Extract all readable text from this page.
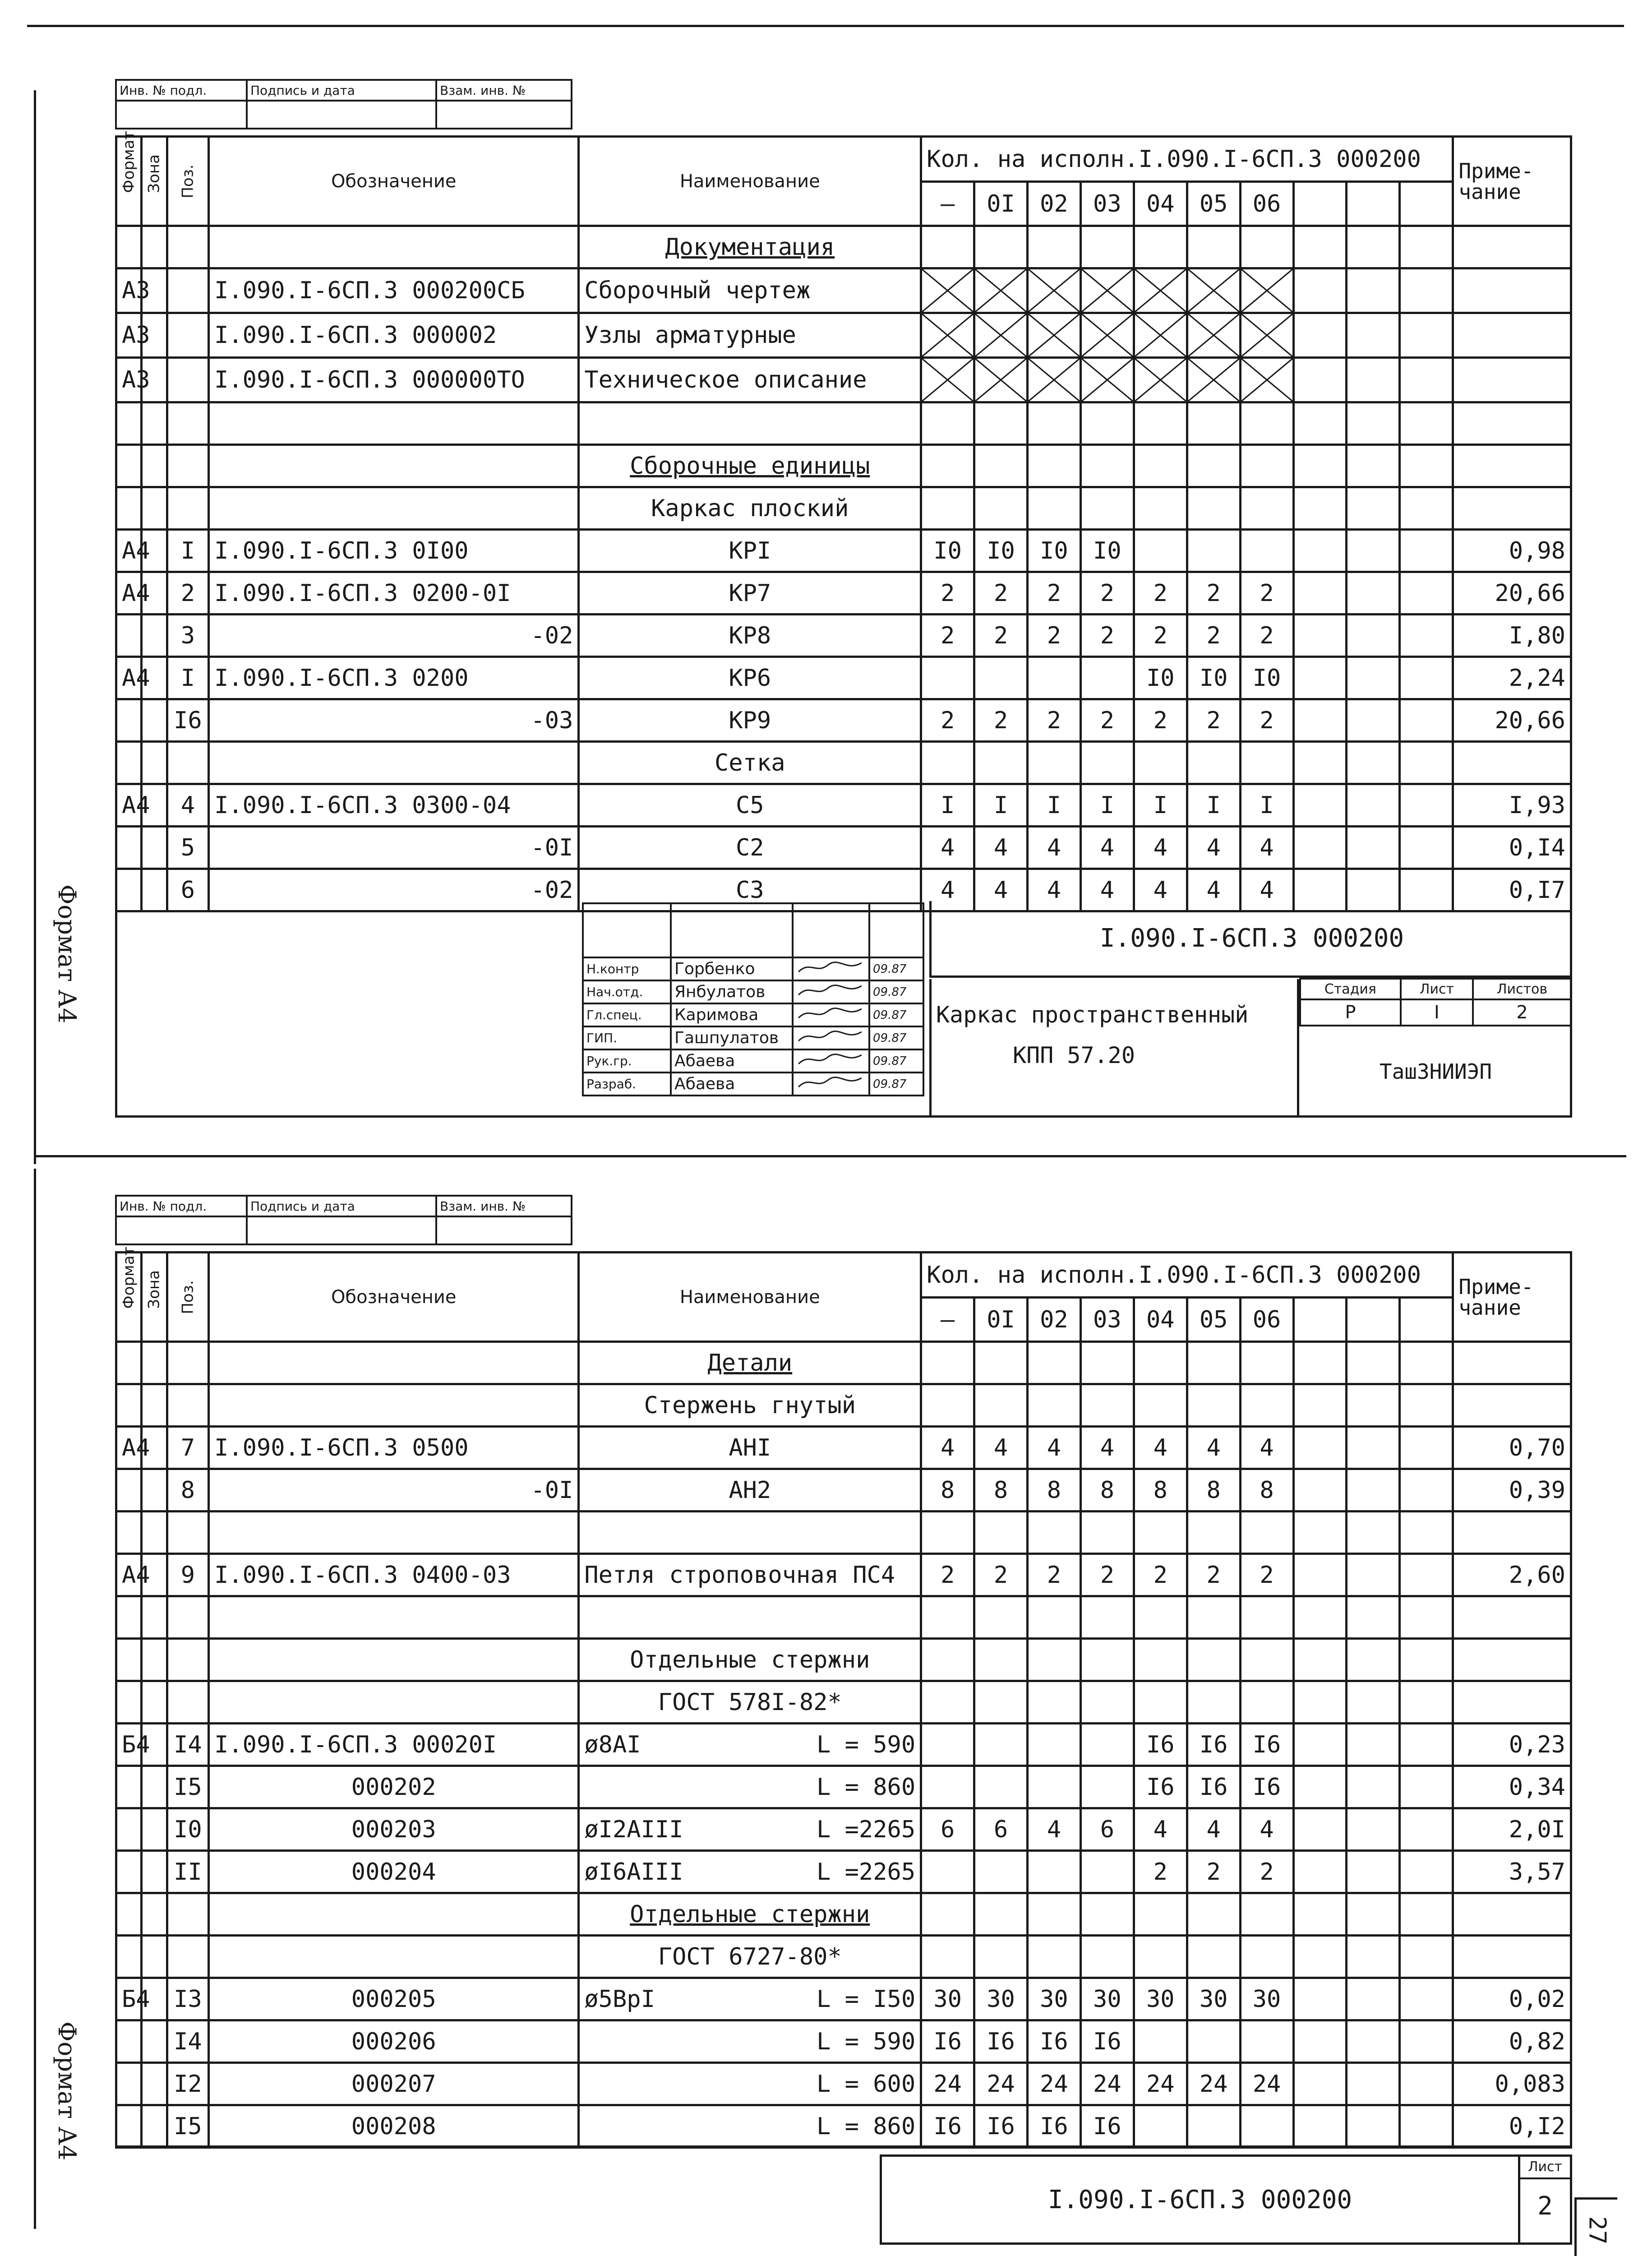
Формат А4
Формат А4
Инв. № подл.	Подпись и дата	Взам. инв. №

Формат	Зона	Поз.	Обозначение	Наименование	Кол. на исполн.I.090.I-6СП.3 000200										Приме-чание
					–	0I	02	03	04	05	06				
				Документация											
А3			I.090.I-6СП.3 000200СБ	Сборочный чертеж	

А3			I.090.I-6СП.3 000002	Узлы арматурные	

А3			I.090.I-6СП.3 000000ТО	Техническое описание	

				Сборочные единицы											
				Каркас плоский											
А4		I	I.090.I-6СП.3 0I00	КРI	I0	I0	I0	I0							0,98
А4		2	I.090.I-6СП.3 0200-0I	КР7	2	2	2	2	2	2	2				20,66
		3	-02	КР8	2	2	2	2	2	2	2				I,80
А4		I	I.090.I-6СП.3 0200	КР6					I0	I0	I0				2,24
		I6	-03	КР9	2	2	2	2	2	2	2				20,66
				Сетка											
А4		4	I.090.I-6СП.3 0300-04	С5	I	I	I	I	I	I	I				I,93
		5	-0I	С2	4	4	4	4	4	4	4				0,I4
		6	-02	С3	4	4	4	4	4	4	4				0,I7

Н.контр	Горбенко		09.87
Нач.отд.	Янбулатов		09.87
Гл.спец.	Каримова		09.87
ГИП.	Гашпулатов		09.87
Рук.гр.	Абаева		09.87
Разраб.	Абаева		09.87
I.090.I-6СП.3 000200
Каркас пространственный
КПП 57.20
Стадия	Лист	Листов
Р	I	2
ТашЗНИИЭП
Инв. № подл.	Подпись и дата	Взам. инв. №

Формат	Зона	Поз.	Обозначение	Наименование	Кол. на исполн.I.090.I-6СП.3 000200										Приме-чание
					–	0I	02	03	04	05	06				
				Детали											
				Стержень гнутый											
А4		7	I.090.I-6СП.3 0500	АНI	4	4	4	4	4	4	4				0,70
		8	-0I	АН2	8	8	8	8	8	8	8				0,39

А4		9	I.090.I-6СП.3 0400-03	Петля строповочная ПС4	2	2	2	2	2	2	2				2,60

				Отдельные стержни											
				ГОСТ 578I-82*											
Б4		I4	I.090.I-6СП.3 00020I	ø8АI L = 590					I6	I6	I6				0,23
		I5	000202	L = 860					I6	I6	I6				0,34
		I0	000203	øI2АIII L =2265	6	6	4	6	4	4	4				2,0I
		II	000204	øI6АIII L =2265					2	2	2				3,57
				Отдельные стержни											
				ГОСТ 6727-80*											
Б4		I3	000205	ø5ВрI L = I50	30	30	30	30	30	30	30				0,02
		I4	000206	L = 590	I6	I6	I6	I6							0,82
		I2	000207	L = 600	24	24	24	24	24	24	24				0,083
		I5	000208	L = 860	I6	I6	I6	I6							0,I2
I.090.I-6СП.3 000200
Лист
2
27
